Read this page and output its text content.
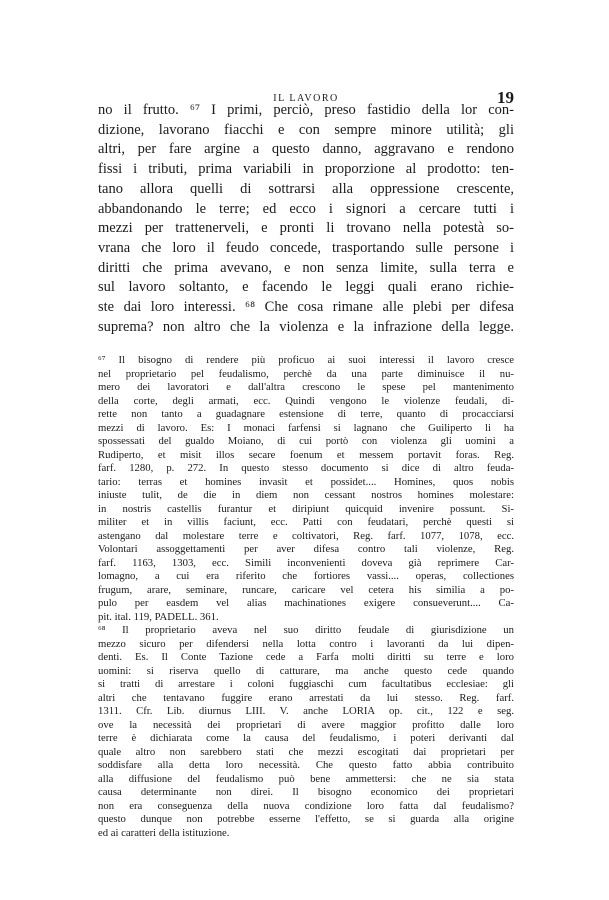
IL LAVORO	19
no il frutto. ⁶⁷ I primi, perciò, preso fastidio della lor con-
dizione, lavorano fiacchi e con sempre minore utilità; gli
altri, per fare argine a questo danno, aggravano e rendono
fissi i tributi, prima variabili in proporzione al prodotto: ten-
tano allora quelli di sottrarsi alla oppressione crescente,
abbandonando le terre; ed ecco i signori a cercare tutti i
mezzi per trattenerveli, e pronti li trovano nella potestà so-
vrana che loro il feudo concede, trasportando sulle persone i
diritti che prima avevano, e non senza limite, sulla terra e
sul lavoro soltanto, e facendo le leggi quali erano richie-
ste dai loro interessi. ⁶⁸ Che cosa rimane alle plebi per difesa
suprema? non altro che la violenza e la infrazione della legge.
⁶⁷ Il bisogno di rendere più proficuo ai suoi interessi il lavoro cresce
nel proprietario pel feudalismo, perchè da una parte diminuisce il nu-
mero dei lavoratori e dall'altra crescono le spese pel mantenimento
della corte, degli armati, ecc. Quindi vengono le violenze feudali, di-
rette non tanto a guadagnare estensione di terre, quanto di procacciarsi
mezzi di lavoro. Es: I monaci farfensi si lagnano che Guiliperto li ha
spossessati del gualdo Moiano, di cui portò con violenza gli uomini a
Rudiperto, et misit illos secare foenum et messem portavit foras. Reg.
farf. 1280, p. 272. In questo stesso documento si dice di altro feuda-
tario: terras et homines invasit et possidet.... Homines, quos nobis
iniuste tulit, de die in diem non cessant nostros homines molestare:
in nostris castellis furantur et diripiunt quicquid invenire possunt. Si-
militer et in villis faciunt, ecc. Patti con feudatari, perchè questi si
astengano dal molestare terre e coltivatori, Reg. farf. 1077, 1078, ecc.
Volontari assoggettamenti per aver difesa contro tali violenze, Reg.
farf. 1163, 1303, ecc. Simili inconvenienti doveva già reprimere Car-
lomagno, a cui era riferito che fortiores vassi.... operas, collectiones
frugum, arare, seminare, runcare, caricare vel cetera his similia a po-
pulo per easdem vel alias machinationes exigere consueverunt.... Ca-
pit. ital. 119, PADELL. 361.
⁶⁸ Il proprietario aveva nel suo diritto feudale di giurisdizione un
mezzo sicuro per difendersi nella lotta contro i lavoranti da lui dipen-
denti. Es. Il Conte Tazione cede a Farfa molti diritti su terre e loro
uomini: si riserva quello di catturare, ma anche questo cede quando
si tratti di arrestare i coloni fuggiaschi cum facultatibus ecclesiae: gli
altri che tentavano fuggire erano arrestati da lui stesso. Reg. farf.
1311. Cfr. Lib. diurnus LIII. V. anche LORIA op. cit., 122 e seg.
ove la necessità dei proprietari di avere maggior profitto dalle loro
terre è dichiarata come la causa del feudalismo, i poteri derivanti dal
quale altro non sarebbero stati che mezzi escogitati dai proprietari per
soddisfare alla detta loro necessità. Che questo fatto abbia contribuito
alla diffusione del feudalismo può bene ammettersi: che ne sia stata
causa determinante non direi. Il bisogno economico dei proprietari
non era conseguenza della nuova condizione loro fatta dal feudalismo?
questo dunque non potrebbe esserne l'effetto, se si guarda alla origine
ed ai caratteri della istituzione.
